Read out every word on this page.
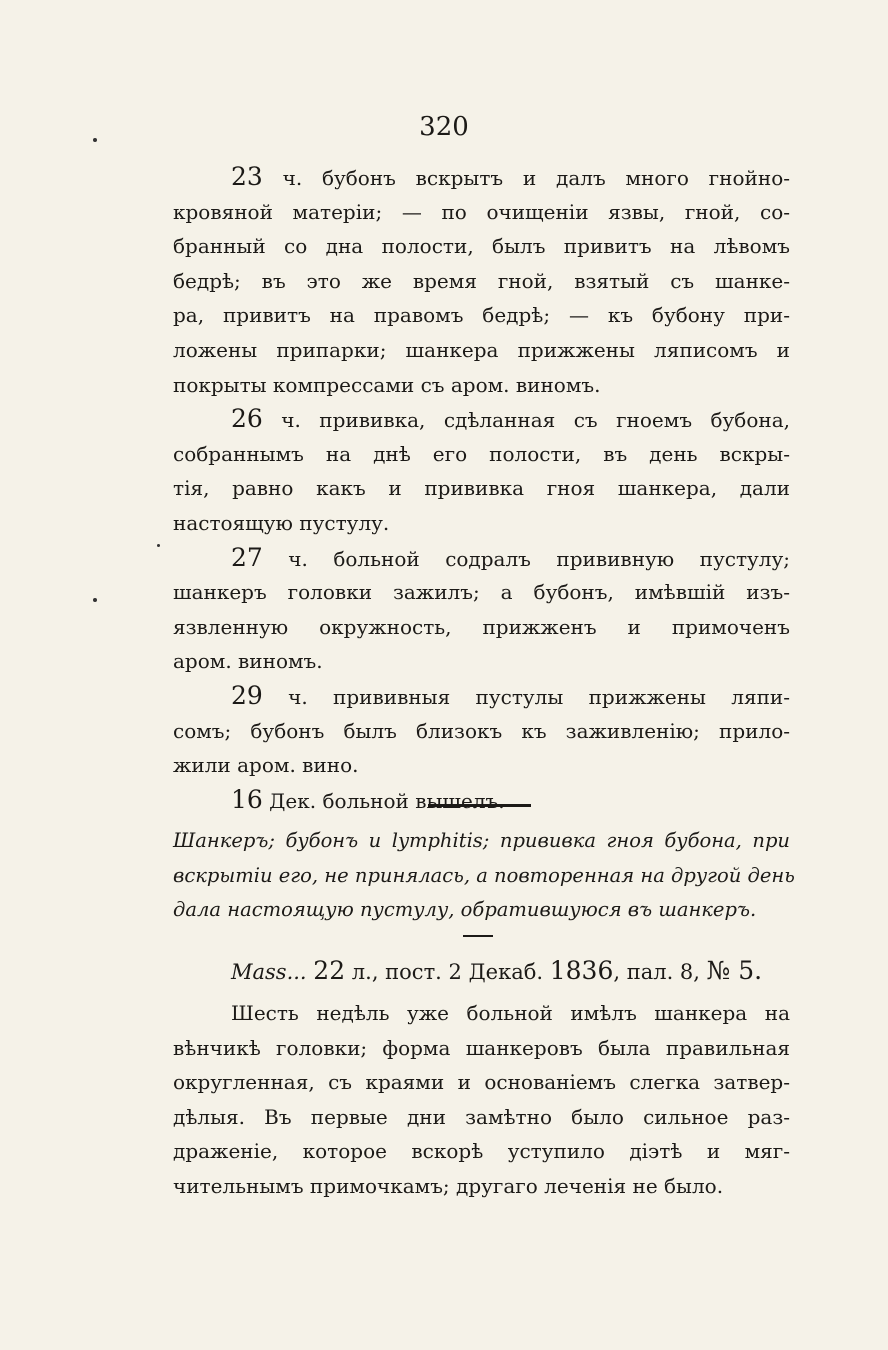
320
23 ч. бубонъ вскрытъ и далъ много гнойно-
кровяной матерiи; — по очищенiи язвы, гной, со-
бранный со дна полости, былъ привитъ на лѣвомъ
бедрѣ; въ это же время гной, взятый съ шанке-
ра, привитъ на правомъ бедрѣ; — къ бубону при-
ложены припарки; шанкера прижжены ляписомъ и
покрыты компрессами съ аром. виномъ.
26 ч. прививка, сдѣланная съ гноемъ бубона,
собраннымъ на днѣ его полости, въ день вскры-
тiя, равно какъ и прививка гноя шанкера, дали
настоящую пустулу.
27 ч. больной содралъ прививную пустулу;
шанкеръ головки зажилъ; а бубонъ, имѣвшiй изъ-
язвленную окружность, прижженъ и примоченъ
аром. виномъ.
29 ч. прививныя пустулы прижжены ляпи-
сомъ; бубонъ былъ близокъ къ заживленiю; прило-
жили аром. вино.
16 Дек. больной вышелъ.
Шанкеръ; бубонъ и lymphitis; прививка гноя бубона, при
вскрытiи его, не принялась, а повторенная на другой день
дала настоящую пустулу, обратившуюся въ шанкеръ.
Mass... 22 л., пост. 2 Декаб. 1836, пал. 8, № 5.
Шесть недѣль уже больной имѣлъ шанкера на
вѣнчикѣ головки; форма шанкеровъ была правильная
округленная, съ краями и основанiемъ слегка затвер-
дѣлыя. Въ первые дни замѣтно было сильное раз-
драженiе, которое вскорѣ уступило дiэтѣ и мяг-
чительнымъ примочкамъ; другаго леченiя не было.
